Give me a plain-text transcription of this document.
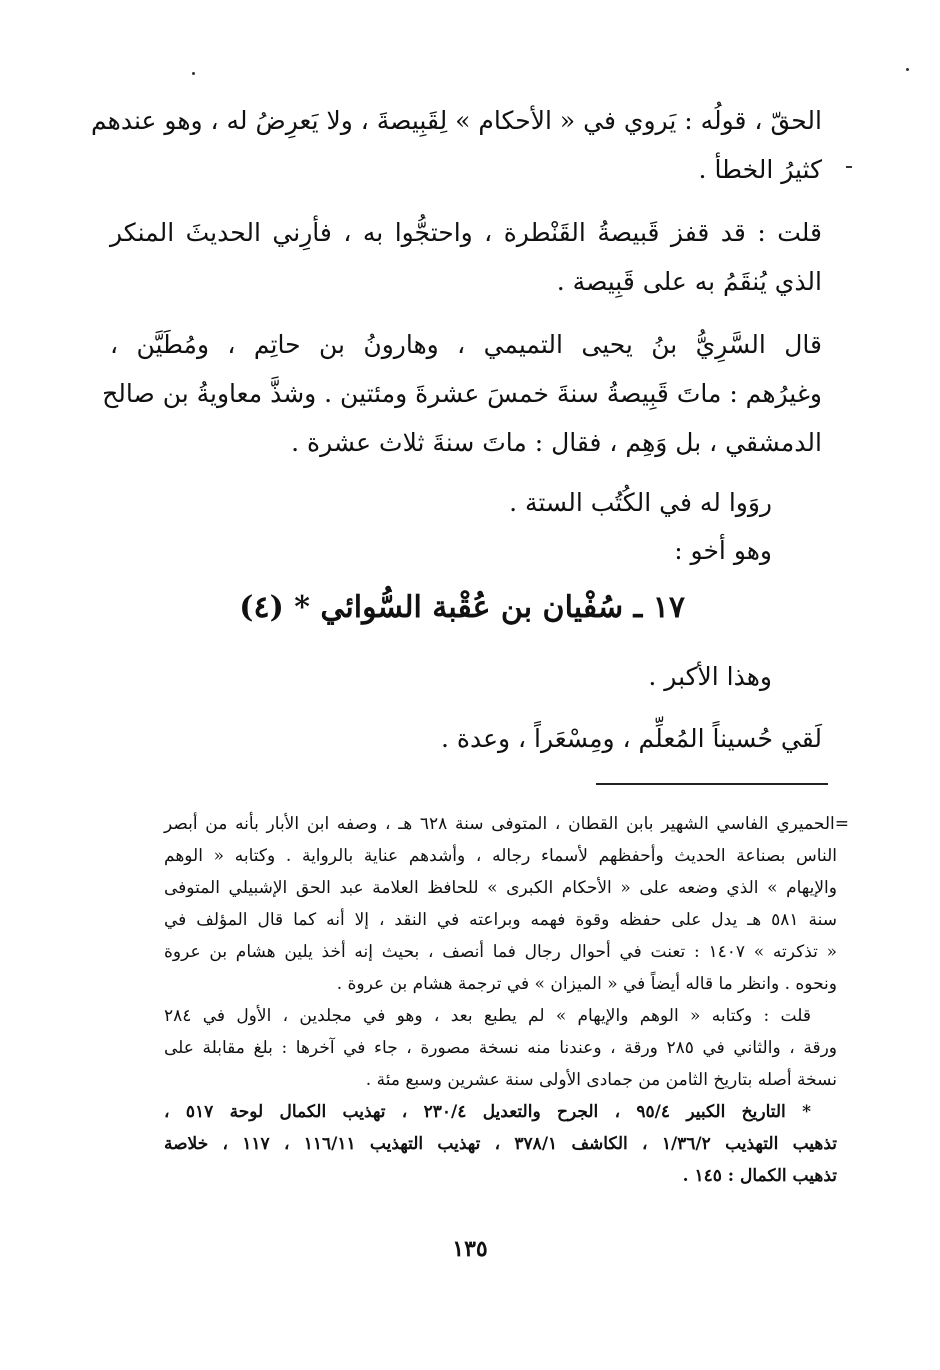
الحقّ ، قولُه : يَروي في « الأحكام » لِقَبِيصةَ ، ولا يَعرِضُ له ، وهو عندهم
كثيرُ الخطأ .
قلت : قد قفز قَبيصةُ القَنْطرة ، واحتجُّوا به ، فأرِني الحديثَ المنكر
الذي يُنقَمُ به على قَبِيصة .
قال السَّرِيُّ بنُ يحيى التميمي ، وهارونُ بن حاتِم ، ومُطَيَّن ،
وغيرُهم : ماتَ قَبِيصةُ سنةَ خمسَ عشرةَ ومئتين . وشذَّ معاويةُ بن صالح
الدمشقي ، بل وَهِم ، فقال : ماتَ سنةَ ثلاث عشرة .
روَوا له في الكُتُب الستة .
وهو أخو :
١٧ ـ سُفْيان بن عُقْبة السُّوائي * (٤)
وهذا الأكبر .
لَقي حُسيناً المُعلِّم ، ومِسْعَراً ، وعدة .
=الحميري الفاسي الشهير بابن القطان ، المتوفى سنة ٦٢٨ هـ ، وصفه ابن الأبار بأنه من أبصر
الناس بصناعة الحديث وأحفظهم لأسماء رجاله ، وأشدهم عناية بالرواية . وكتابه « الوهم
والإيهام » الذي وضعه على « الأحكام الكبرى » للحافظ العلامة عبد الحق الإشبيلي المتوفى
سنة ٥٨١ هـ يدل على حفظه وقوة فهمه وبراعته في النقد ، إلا أنه كما قال المؤلف في
« تذكرته » ١٤٠٧ : تعنت في أحوال رجال فما أنصف ، بحيث إنه أخذ يلين هشام بن عروة
ونحوه . وانظر ما قاله أيضاً في « الميزان » في ترجمة هشام بن عروة .
قلت : وكتابه « الوهم والإيهام » لم يطبع بعد ، وهو في مجلدين ، الأول في ٢٨٤
ورقة ، والثاني في ٢٨٥ ورقة ، وعندنا منه نسخة مصورة ، جاء في آخرها : بلغ مقابلة على
نسخة أصله بتاريخ الثامن من جمادى الأولى سنة عشرين وسبع مئة .
* التاريخ الكبير ٩٥/٤ ، الجرح والتعديل ٢٣٠/٤ ، تهذيب الكمال لوحة ٥١٧ ،
تذهيب التهذيب ١/٣٦/٢ ، الكاشف ٣٧٨/١ ، تهذيب التهذيب ١١٦/١١ ، ١١٧ ، خلاصة
تذهيب الكمال : ١٤٥ .
١٣٥
